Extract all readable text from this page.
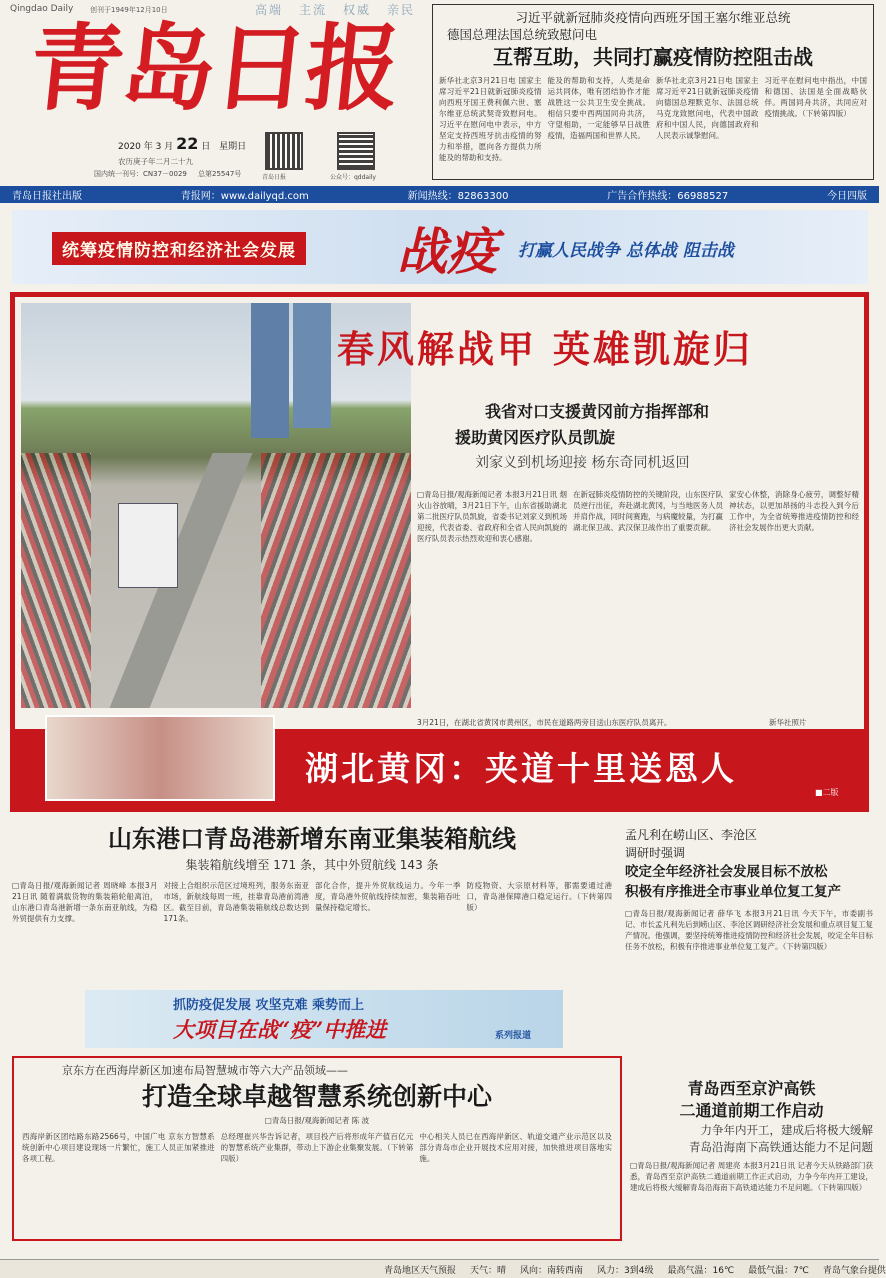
Qingdao Daily 创刊于1949年12月10日	高端 主流 权威 亲民
青岛日报
2020 年 3 月 22 日 星期日
农历庚子年二月二十九
国内统一刊号：CN37－0029 总第25547号	青岛日报	公众号：qddaily
习近平就新冠肺炎疫情向西班牙国王塞尔维亚总统
德国总理法国总统致慰问电
互帮互助，共同打赢疫情防控阻击战
新华社北京3月21日电 国家主席习近平21日就新冠肺炎疫情向西班牙国王费利佩六世、塞尔维亚总统武契奇致慰问电。习近平在慰问电中表示，中方坚定支持西班牙抗击疫情的努力和举措，愿向各方提供力所能及的帮助和支持。
能及的帮助和支持，人类是命运共同体，唯有团结协作才能战胜这一公共卫生安全挑战。相信只要中西两国同舟共济，守望相助，一定能够早日战胜疫情，造福两国和世界人民。
新华社北京3月21日电 国家主席习近平21日就新冠肺炎疫情向德国总理默克尔、法国总统马克龙致慰问电，代表中国政府和中国人民，向德国政府和人民表示诚挚慰问。
习近平在慰问电中指出，中国和德国、法国是全面战略伙伴。两国同舟共济，共同应对疫情挑战。（下转第四版）
青岛日报社出版	青报网：www.dailyqd.com	新闻热线：82863300	广告合作热线：66988527	今日四版
统筹疫情防控和经济社会发展 战疫 打赢人民战争 总体战 阻击战
春风解战甲 英雄凯旋归
我省对口支援黄冈前方指挥部和
援助黄冈医疗队员凯旋
刘家义到机场迎接 杨东奇同机返回
□青岛日报/观海新闻记者 本报3月21日讯 烟火山谷放晴，3月21日下午，山东省援助湖北第二批医疗队员凯旋，省委书记刘家义到机场迎接，代表省委、省政府和全省人民向凯旋的医疗队员表示热烈欢迎和衷心感谢。
在新冠肺炎疫情防控的关键阶段，山东医疗队员逆行出征，奔赴湖北黄冈，与当地医务人员并肩作战，同时间赛跑，与病魔较量，为打赢湖北保卫战、武汉保卫战作出了重要贡献。
家安心休整，消除身心疲劳，调整好精神状态，以更加昂扬的斗志投入到今后工作中，为全省统筹推进疫情防控和经济社会发展作出更大贡献。
3月21日，在湖北省黄冈市黄州区，市民在道路两旁目送山东医疗队员离开。	新华社照片
湖北黄冈：夹道十里送恩人
■二版
山东港口青岛港新增东南亚集装箱航线
集装箱航线增至 171 条，其中外贸航线 143 条
□青岛日报/观海新闻记者 周晓峰 本报3月21日讯 随着满载货物的集装箱轮船离泊，山东港口青岛港新增一条东南亚航线，为稳外贸提供有力支撑。
对接上合组织示范区过境班列，服务东南亚市场，新航线每周一班，挂靠青岛港前湾港区。截至目前，青岛港集装箱航线总数达到171条。
部化合作，提升外贸航线运力。今年一季度，青岛港外贸航线持续加密，集装箱吞吐量保持稳定增长。
防疫物资、大宗原材料等，都需要通过港口，青岛港保障港口稳定运行。（下转第四版）
抓防疫促发展 攻坚克难 乘势而上
大项目在战“疫”中推进	系列报道
京东方在西海岸新区加速布局智慧城市等六大产品领域——
打造全球卓越智慧系统创新中心
□青岛日报/观海新闻记者 陈 波
西海岸新区团结路东路2566号，中国广电 京东方智慧系统创新中心项目建设现场一片繁忙，施工人员正加紧推进各项工程。
总经理崔兴华告诉记者，项目投产后将形成年产值百亿元的智慧系统产业集群，带动上下游企业集聚发展。（下转第四版）
中心相关人员已在西海岸新区、轨道交通产业示范区以及部分青岛市企业开展技术应用对接，加快推进项目落地实施。
孟凡利在崂山区、李沧区
调研时强调
咬定全年经济社会发展目标不放松
积极有序推进全市事业单位复工复产
□青岛日报/观海新闻记者 薛华飞 本报3月21日讯 今天下午，市委副书记、市长孟凡利先后到崂山区、李沧区调研经济社会发展和重点项目复工复产情况。他强调，要坚持统筹推进疫情防控和经济社会发展，咬定全年目标任务不放松，积极有序推进事业单位复工复产。（下转第四版）
青岛西至京沪高铁
二通道前期工作启动
力争年内开工，建成后将极大缓解
青岛沿海南下高铁通达能力不足问题
□青岛日报/观海新闻记者 周建亮 本报3月21日讯 记者今天从铁路部门获悉，青岛西至京沪高铁二通道前期工作正式启动，力争今年内开工建设，建成后将极大缓解青岛沿海南下高铁通达能力不足问题。（下转第四版）
青岛地区天气预报 天气：晴 风向：南转西南 风力：3到4级 最高气温：16℃ 最低气温：7℃ 青岛气象台提供
